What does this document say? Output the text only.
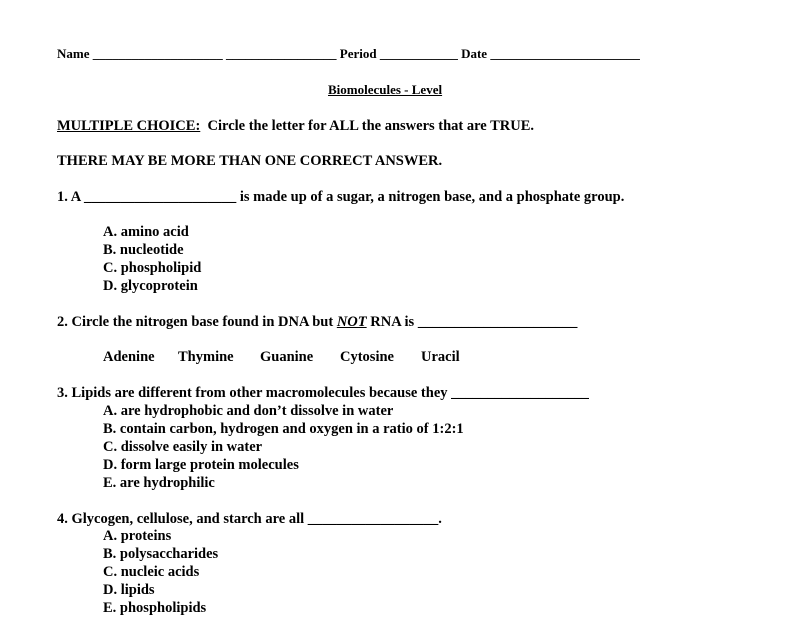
Name ____________________ _________________ Period ____________ Date _______________________
Biomolecules - Level
MULTIPLE CHOICE:  Circle the letter for ALL the answers that are TRUE.
THERE MAY BE MORE THAN ONE CORRECT ANSWER.
1. A _____________________ is made up of a sugar, a nitrogen base, and a phosphate group.
A. amino acid
B. nucleotide
C. phospholipid
D. glycoprotein
2. Circle the nitrogen base found in DNA but NOT RNA is ______________________
Adenine Thymine Guanine Cytosine Uracil
3. Lipids are different from other macromolecules because they ___________________
A. are hydrophobic and don’t dissolve in water
B. contain carbon, hydrogen and oxygen in a ratio of 1:2:1
C. dissolve easily in water
D. form large protein molecules
E. are hydrophilic
4. Glycogen, cellulose, and starch are all __________________.
A. proteins
B. polysaccharides
C. nucleic acids
D. lipids
E. phospholipids
